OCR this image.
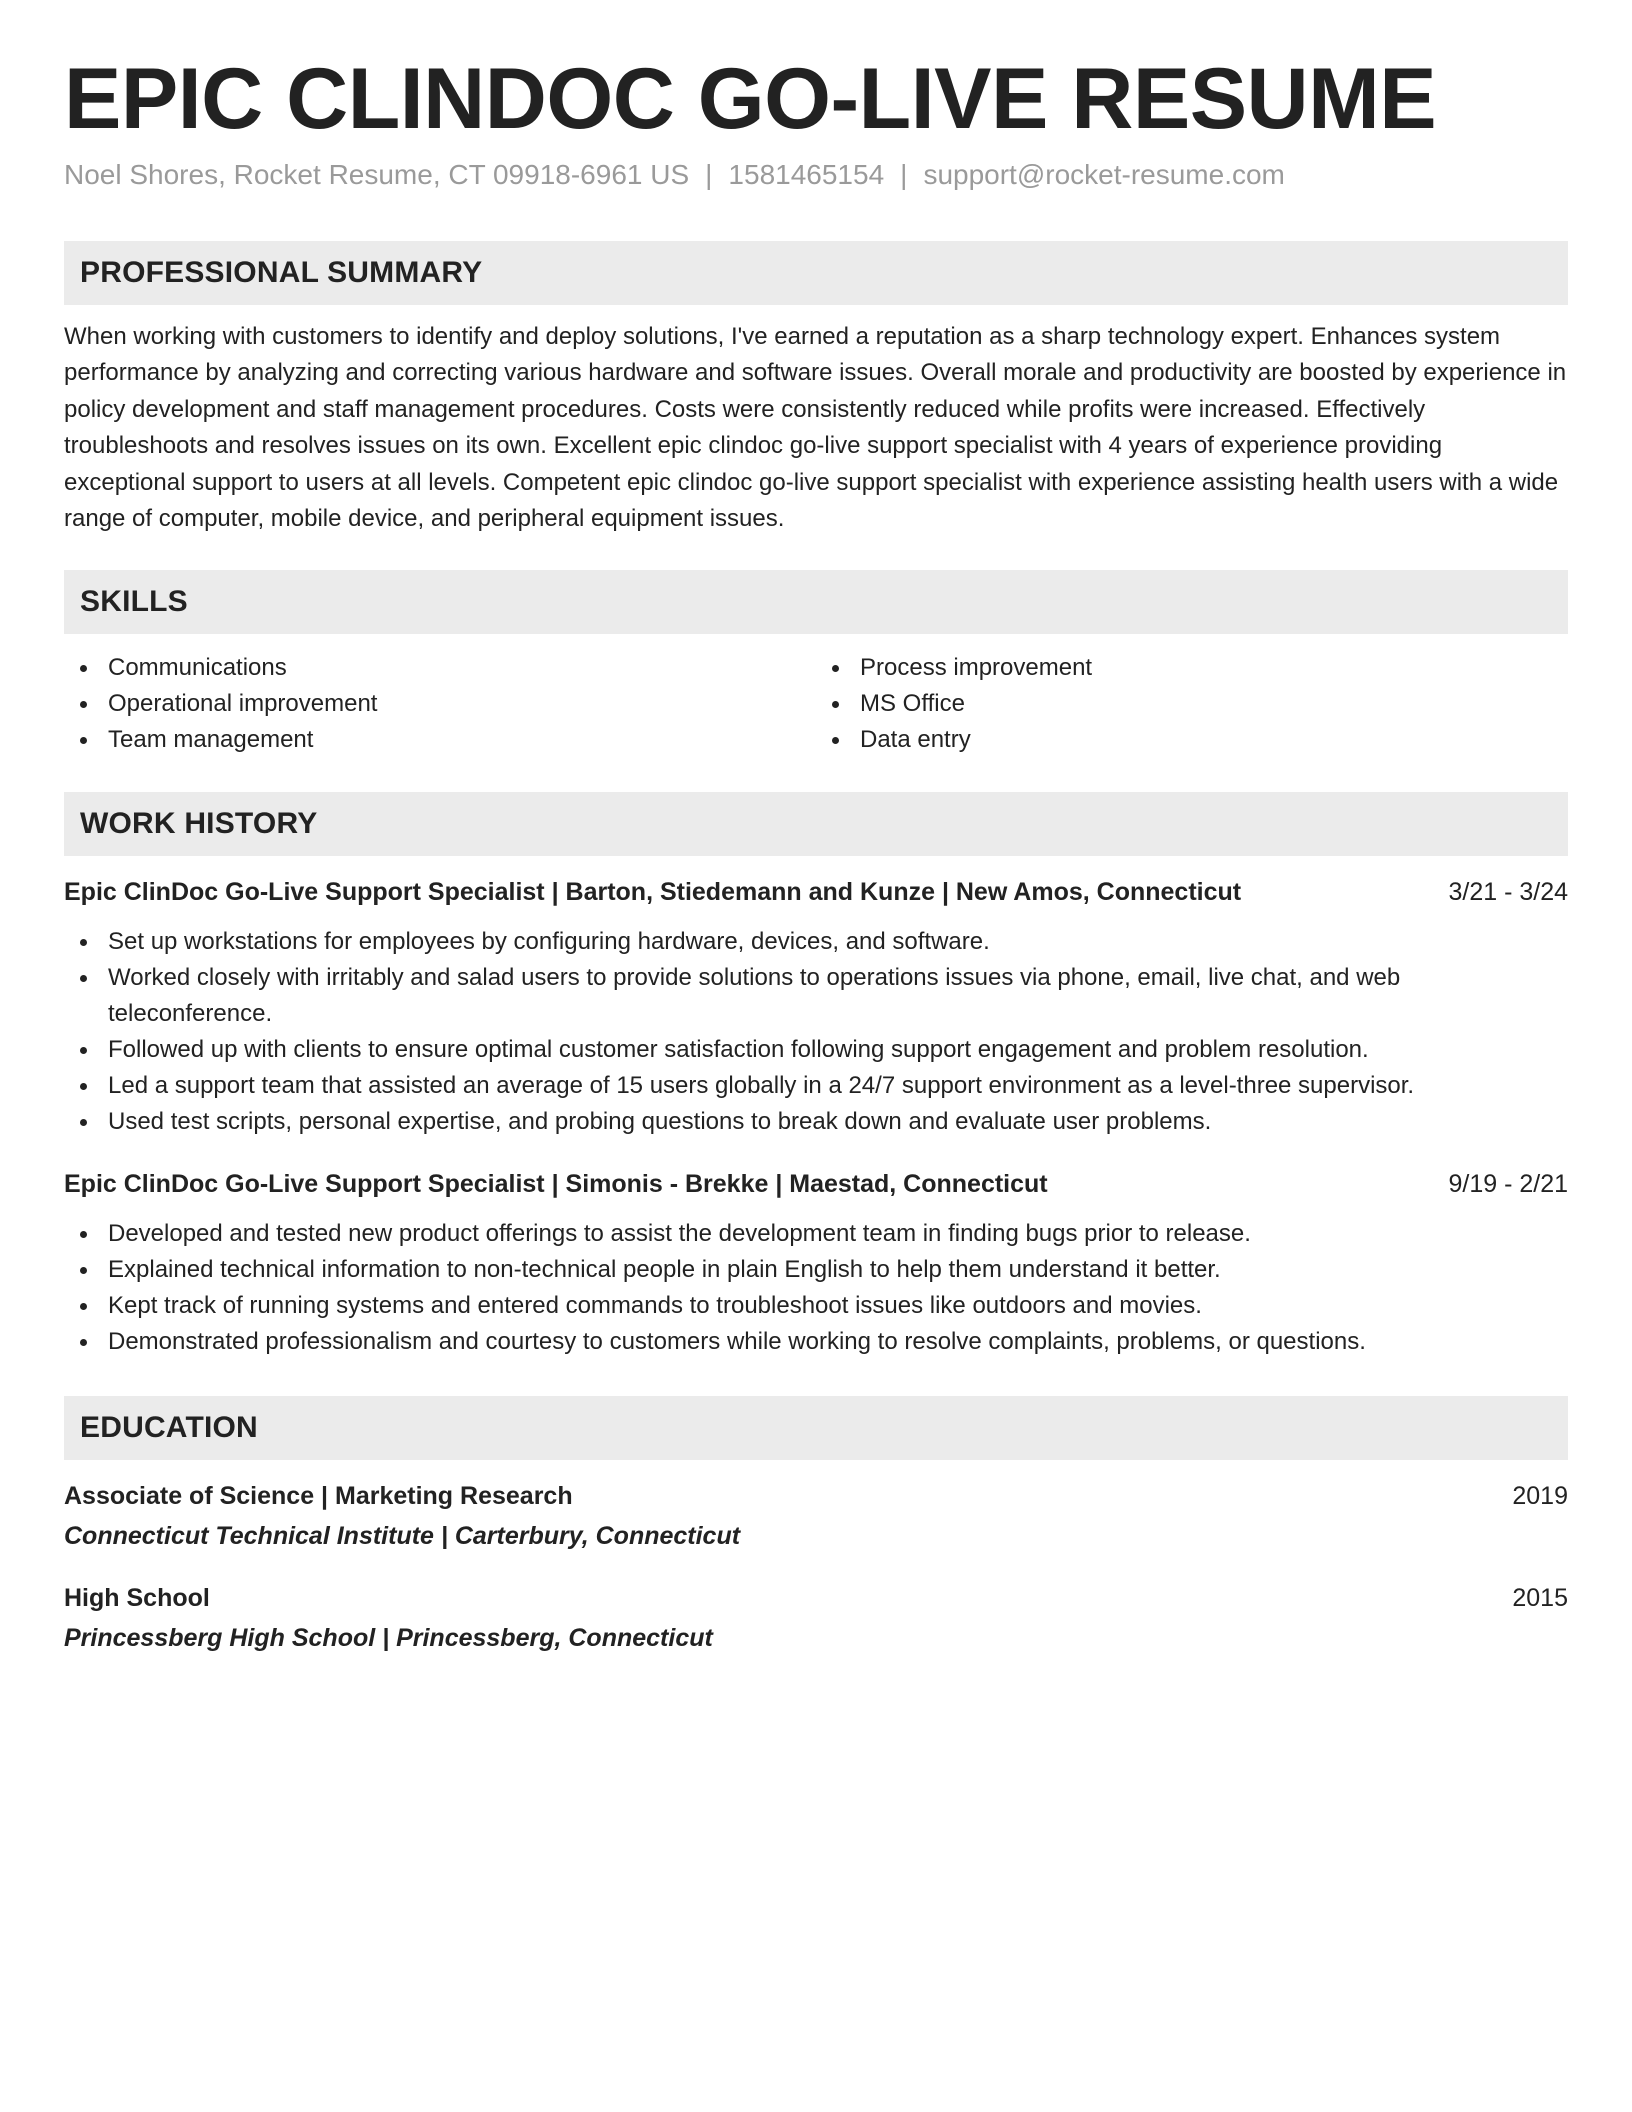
EPIC CLINDOC GO-LIVE RESUME
Noel Shores, Rocket Resume, CT 09918-6961 US | 1581465154 | support@rocket-resume.com
PROFESSIONAL SUMMARY

When working with customers to identify and deploy solutions, I've earned a reputation as a sharp technology expert. Enhances system performance by analyzing and correcting various hardware and software issues. Overall morale and productivity are boosted by experience in policy development and staff management procedures. Costs were consistently reduced while profits were increased. Effectively troubleshoots and resolves issues on its own. Excellent epic clindoc go-live support specialist with 4 years of experience providing exceptional support to users at all levels. Competent epic clindoc go-live support specialist with experience assisting health users with a wide range of computer, mobile device, and peripheral equipment issues.

SKILLS
Communications
Operational improvement
Team management
Process improvement
MS Office
Data entry
WORK HISTORY
Epic ClinDoc Go-Live Support Specialist | Barton, Stiedemann and Kunze | New Amos, Connecticut	3/21 - 3/24
Set up workstations for employees by configuring hardware, devices, and software.
Worked closely with irritably and salad users to provide solutions to operations issues via phone, email, live chat, and web teleconference.
Followed up with clients to ensure optimal customer satisfaction following support engagement and problem resolution.
Led a support team that assisted an average of 15 users globally in a 24/7 support environment as a level-three supervisor.
Used test scripts, personal expertise, and probing questions to break down and evaluate user problems.
Epic ClinDoc Go-Live Support Specialist | Simonis - Brekke | Maestad, Connecticut	9/19 - 2/21
Developed and tested new product offerings to assist the development team in finding bugs prior to release.
Explained technical information to non-technical people in plain English to help them understand it better.
Kept track of running systems and entered commands to troubleshoot issues like outdoors and movies.
Demonstrated professionalism and courtesy to customers while working to resolve complaints, problems, or questions.
EDUCATION
Associate of Science | Marketing Research	2019
Connecticut Technical Institute | Carterbury, Connecticut
High School	2015
Princessberg High School | Princessberg, Connecticut
